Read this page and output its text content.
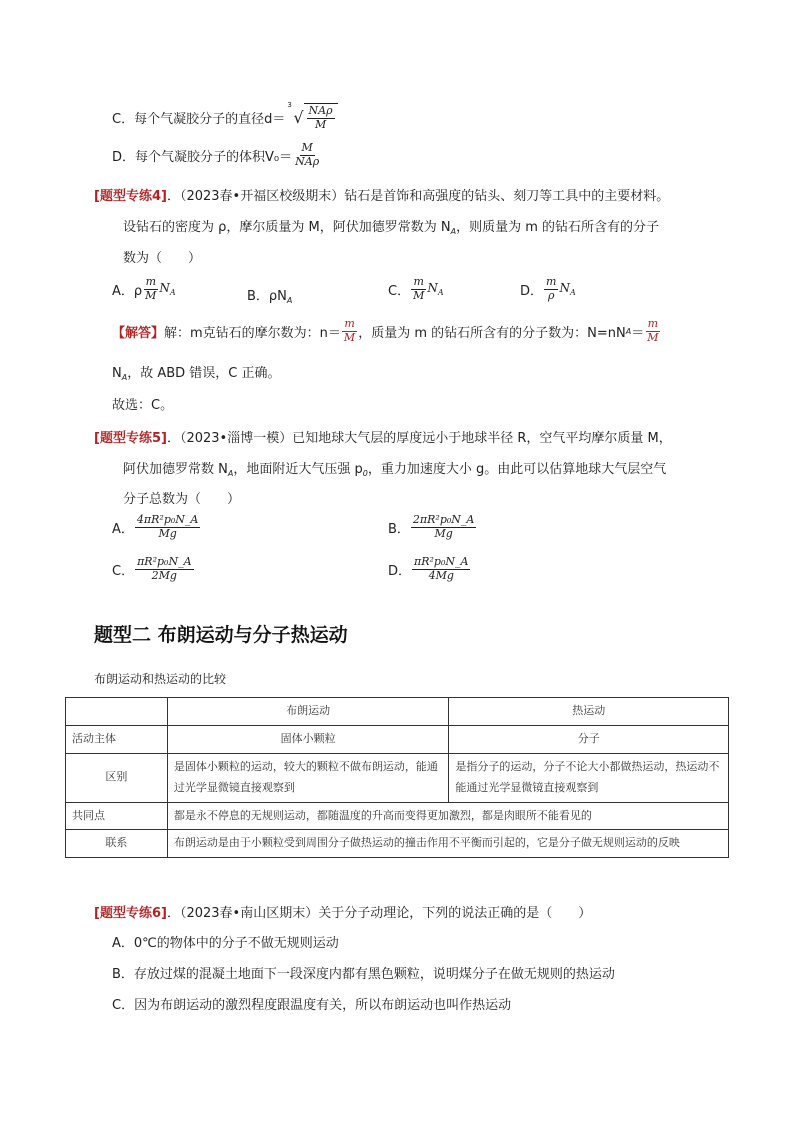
C．每个气凝胶分子的直径d＝
3
√ $\frac{\text{NAρ}}{M}$
D．每个气凝胶分子的体积$V_0= \frac{M}{\text{NAρ}}$
[题型专练4]．（2023春•开福区校级期末）钻石是首饰和高强度的钻头、刻刀等工具中的主要材料。
设钻石的密度为 ρ，摩尔质量为 M，阿伏加德罗常数为 $N_A$，则质量为 m 的钻石所含有的分子
数为（　　）
A．ρ $\frac{m}{M} N_A$	B．$\rho N_A$
C． $\frac{m}{M} N_A$	D． $\frac{m}{\rho} N_A$
【解答】 解：m克钻石的摩尔数为：$n= \frac{m}{M}$ ，质量为 m 的钻石所含有的分子数为：N=nN $A = \frac{m}{M}$
$N_A$，故 ABD 错误，C 正确。
故选：C。
[题型专练5]．（2023•淄博一模）已知地球大气层的厚度远小于地球半径 R，空气平均摩尔质量 M，
阿伏加德罗常数 $N_A$，地面附近大气压强 $p_0$，重力加速度大小 g。由此可以估算地球大气层空气
分子总数为（　　）
A． $\frac{\text{4πR²p₀N\_A}}{Mg}$	B． $\frac{\text{2πR²p₀N\_A}}{Mg}$
C． $\frac{\text{πR²p₀N\_A}}{2Mg}$	D． $\frac{\text{πR²p₀N\_A}}{4Mg}$
题型二 布朗运动与分子热运动
布朗运动和热运动的比较
	布朗运动	热运动
活动主体	固体小颗粒	分子
区别	是固体小颗粒的运动，较大的颗粒不做布朗运动，能通过光学显微镜直接观察到	是指分子的运动，分子不论大小都做热运动，热运动不能通过光学显微镜直接观察到
共同点	都是永不停息的无规则运动，都随温度的升高而变得更加激烈，都是肉眼所不能看见的	
联系	布朗运动是由于小颗粒受到周围分子做热运动的撞击作用不平衡而引起的，它是分子做无规则运动的反映	
[题型专练6]．（2023春•南山区期末）关于分子动理论，下列的说法正确的是（　　）
A．0℃的物体中的分子不做无规则运动
B．存放过煤的混凝土地面下一段深度内都有黑色颗粒，说明煤分子在做无规则的热运动
C．因为布朗运动的激烈程度跟温度有关，所以布朗运动也叫作热运动
